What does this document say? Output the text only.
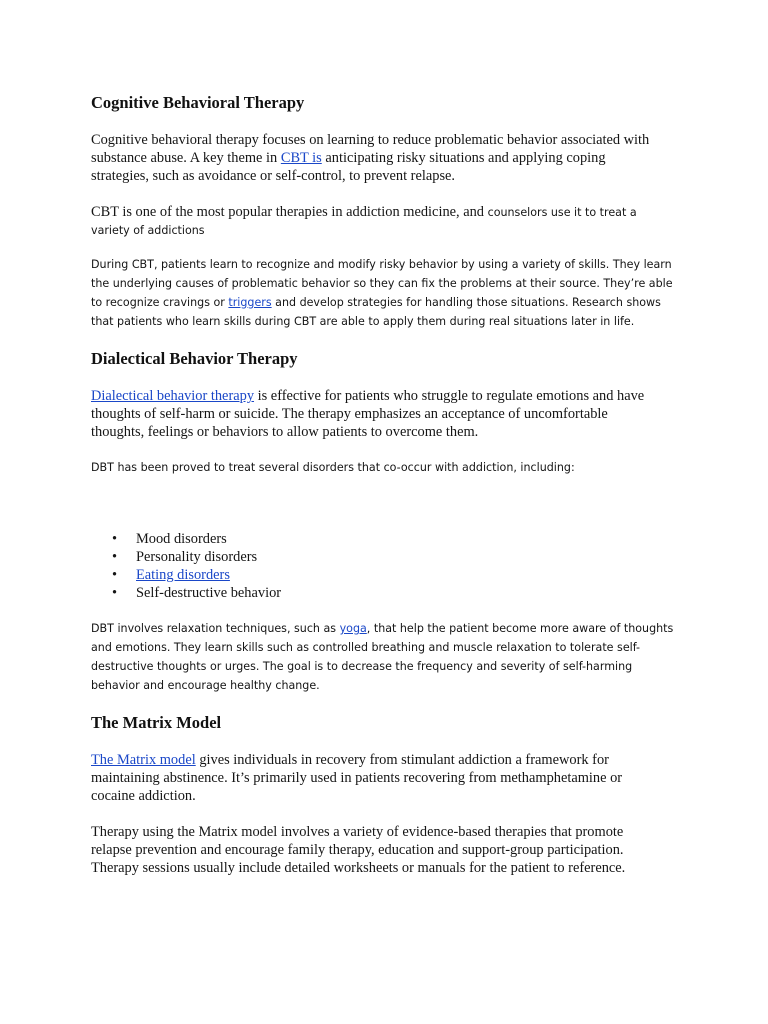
Cognitive Behavioral Therapy

Cognitive behavioral therapy focuses on learning to reduce problematic behavior associated with
substance abuse. A key theme in CBT is anticipating risky situations and applying coping
strategies, such as avoidance or self-control, to prevent relapse.

CBT is one of the most popular therapies in addiction medicine, and counselors use it to treat a
variety of addictions

During CBT, patients learn to recognize and modify risky behavior by using a variety of skills. They learn
the underlying causes of problematic behavior so they can fix the problems at their source. They’re able
to recognize cravings or triggers and develop strategies for handling those situations. Research shows
that patients who learn skills during CBT are able to apply them during real situations later in life.

Dialectical Behavior Therapy

Dialectical behavior therapy is effective for patients who struggle to regulate emotions and have
thoughts of self-harm or suicide. The therapy emphasizes an acceptance of uncomfortable
thoughts, feelings or behaviors to allow patients to overcome them.

DBT has been proved to treat several disorders that co-occur with addiction, including:

• Mood disorders
• Personality disorders
• Eating disorders
• Self-destructive behavior

DBT involves relaxation techniques, such as yoga, that help the patient become more aware of thoughts
and emotions. They learn skills such as controlled breathing and muscle relaxation to tolerate self-
destructive thoughts or urges. The goal is to decrease the frequency and severity of self-harming
behavior and encourage healthy change.

The Matrix Model

The Matrix model gives individuals in recovery from stimulant addiction a framework for
maintaining abstinence. It’s primarily used in patients recovering from methamphetamine or
cocaine addiction.

Therapy using the Matrix model involves a variety of evidence-based therapies that promote
relapse prevention and encourage family therapy, education and support-group participation.
Therapy sessions usually include detailed worksheets or manuals for the patient to reference.
